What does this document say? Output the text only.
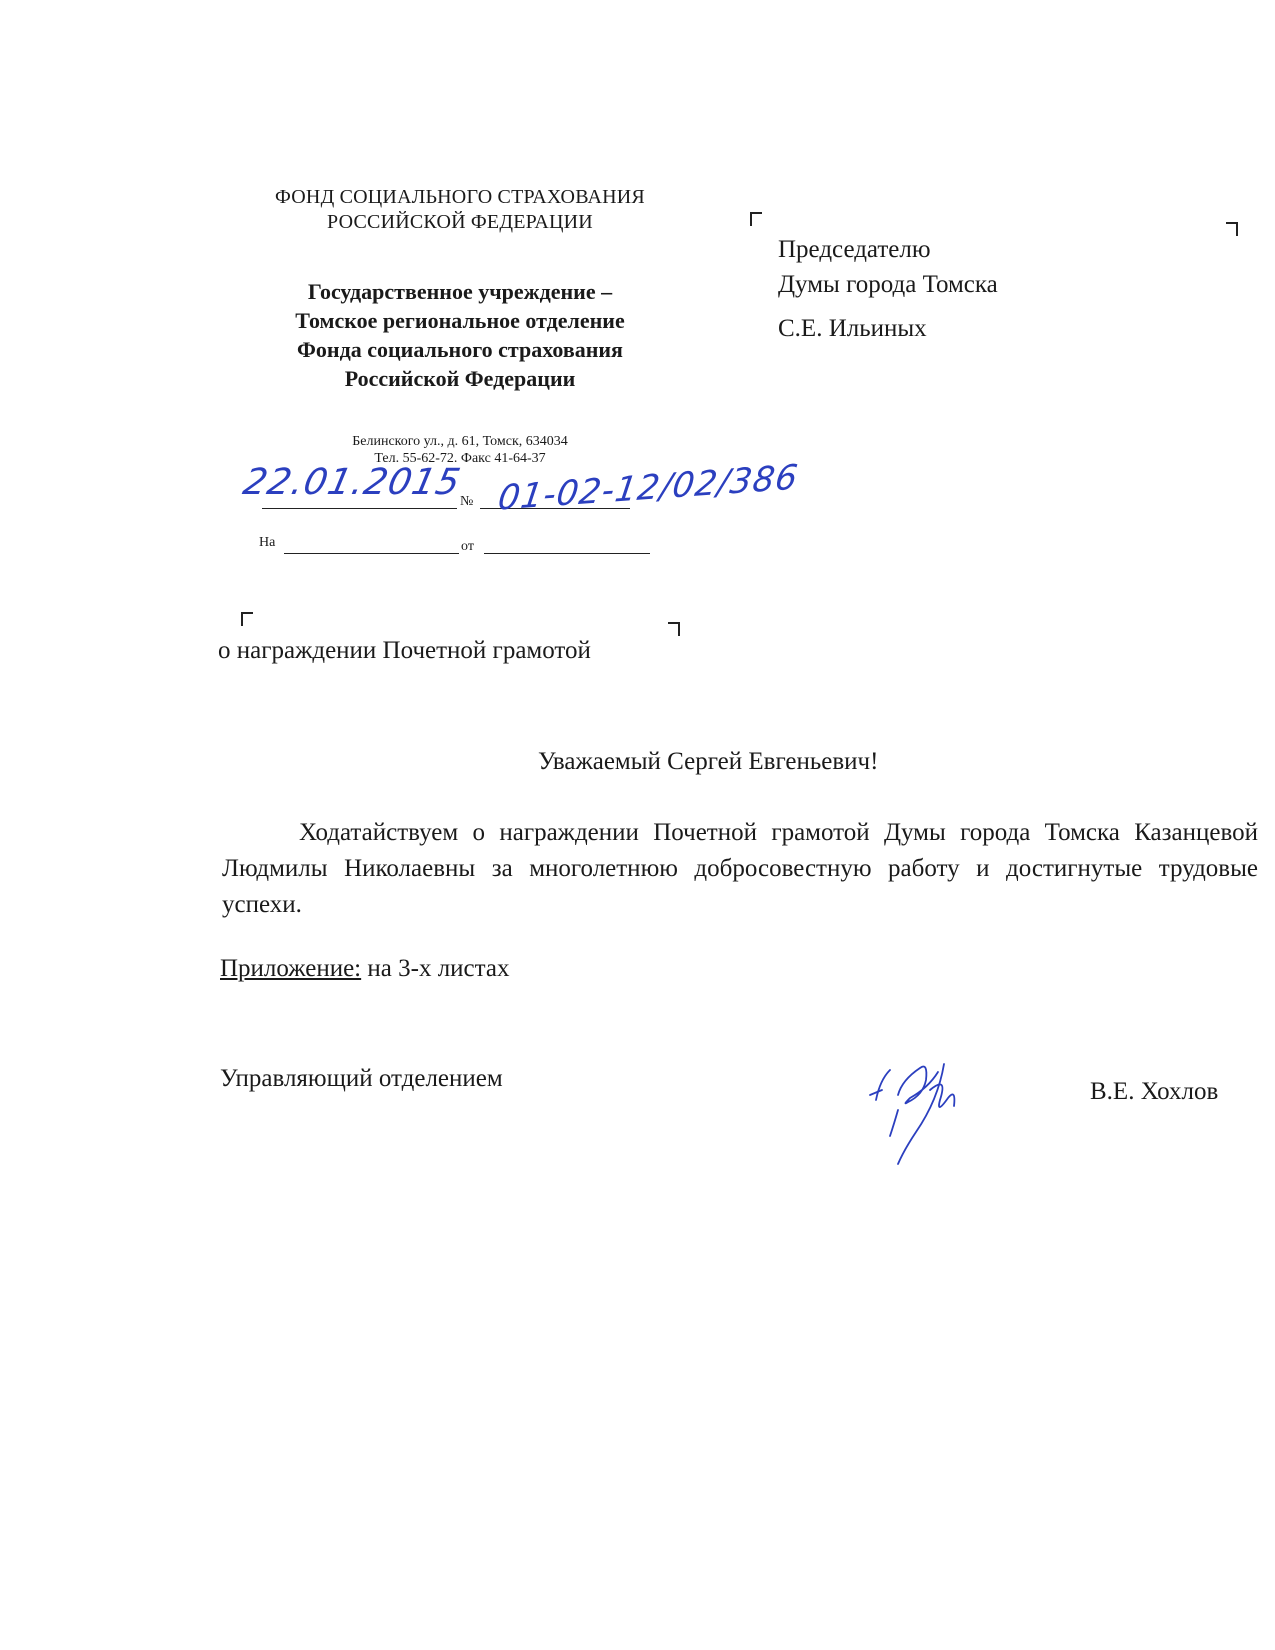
ФОНД СОЦИАЛЬНОГО СТРАХОВАНИЯ
РОССИЙСКОЙ ФЕДЕРАЦИИ
Государственное учреждение –
Томское региональное отделение
Фонда социального страхования
Российской Федерации
Белинского ул., д. 61, Томск, 634034
Тел. 55-62-72. Факс 41-64-37
22.01.2015
№ 01-02-12/02/386
На	от
Председателю
Думы города Томска
С.Е. Ильиных
о награждении Почетной грамотой
Уважаемый Сергей Евгеньевич!
Ходатайствуем о награждении Почетной грамотой Думы города Томска Казанцевой Людмилы Николаевны за многолетнюю добросовестную работу и достигнутые трудовые успехи.
Приложение: на 3-х листах
Управляющий отделением	В.Е. Хохлов
